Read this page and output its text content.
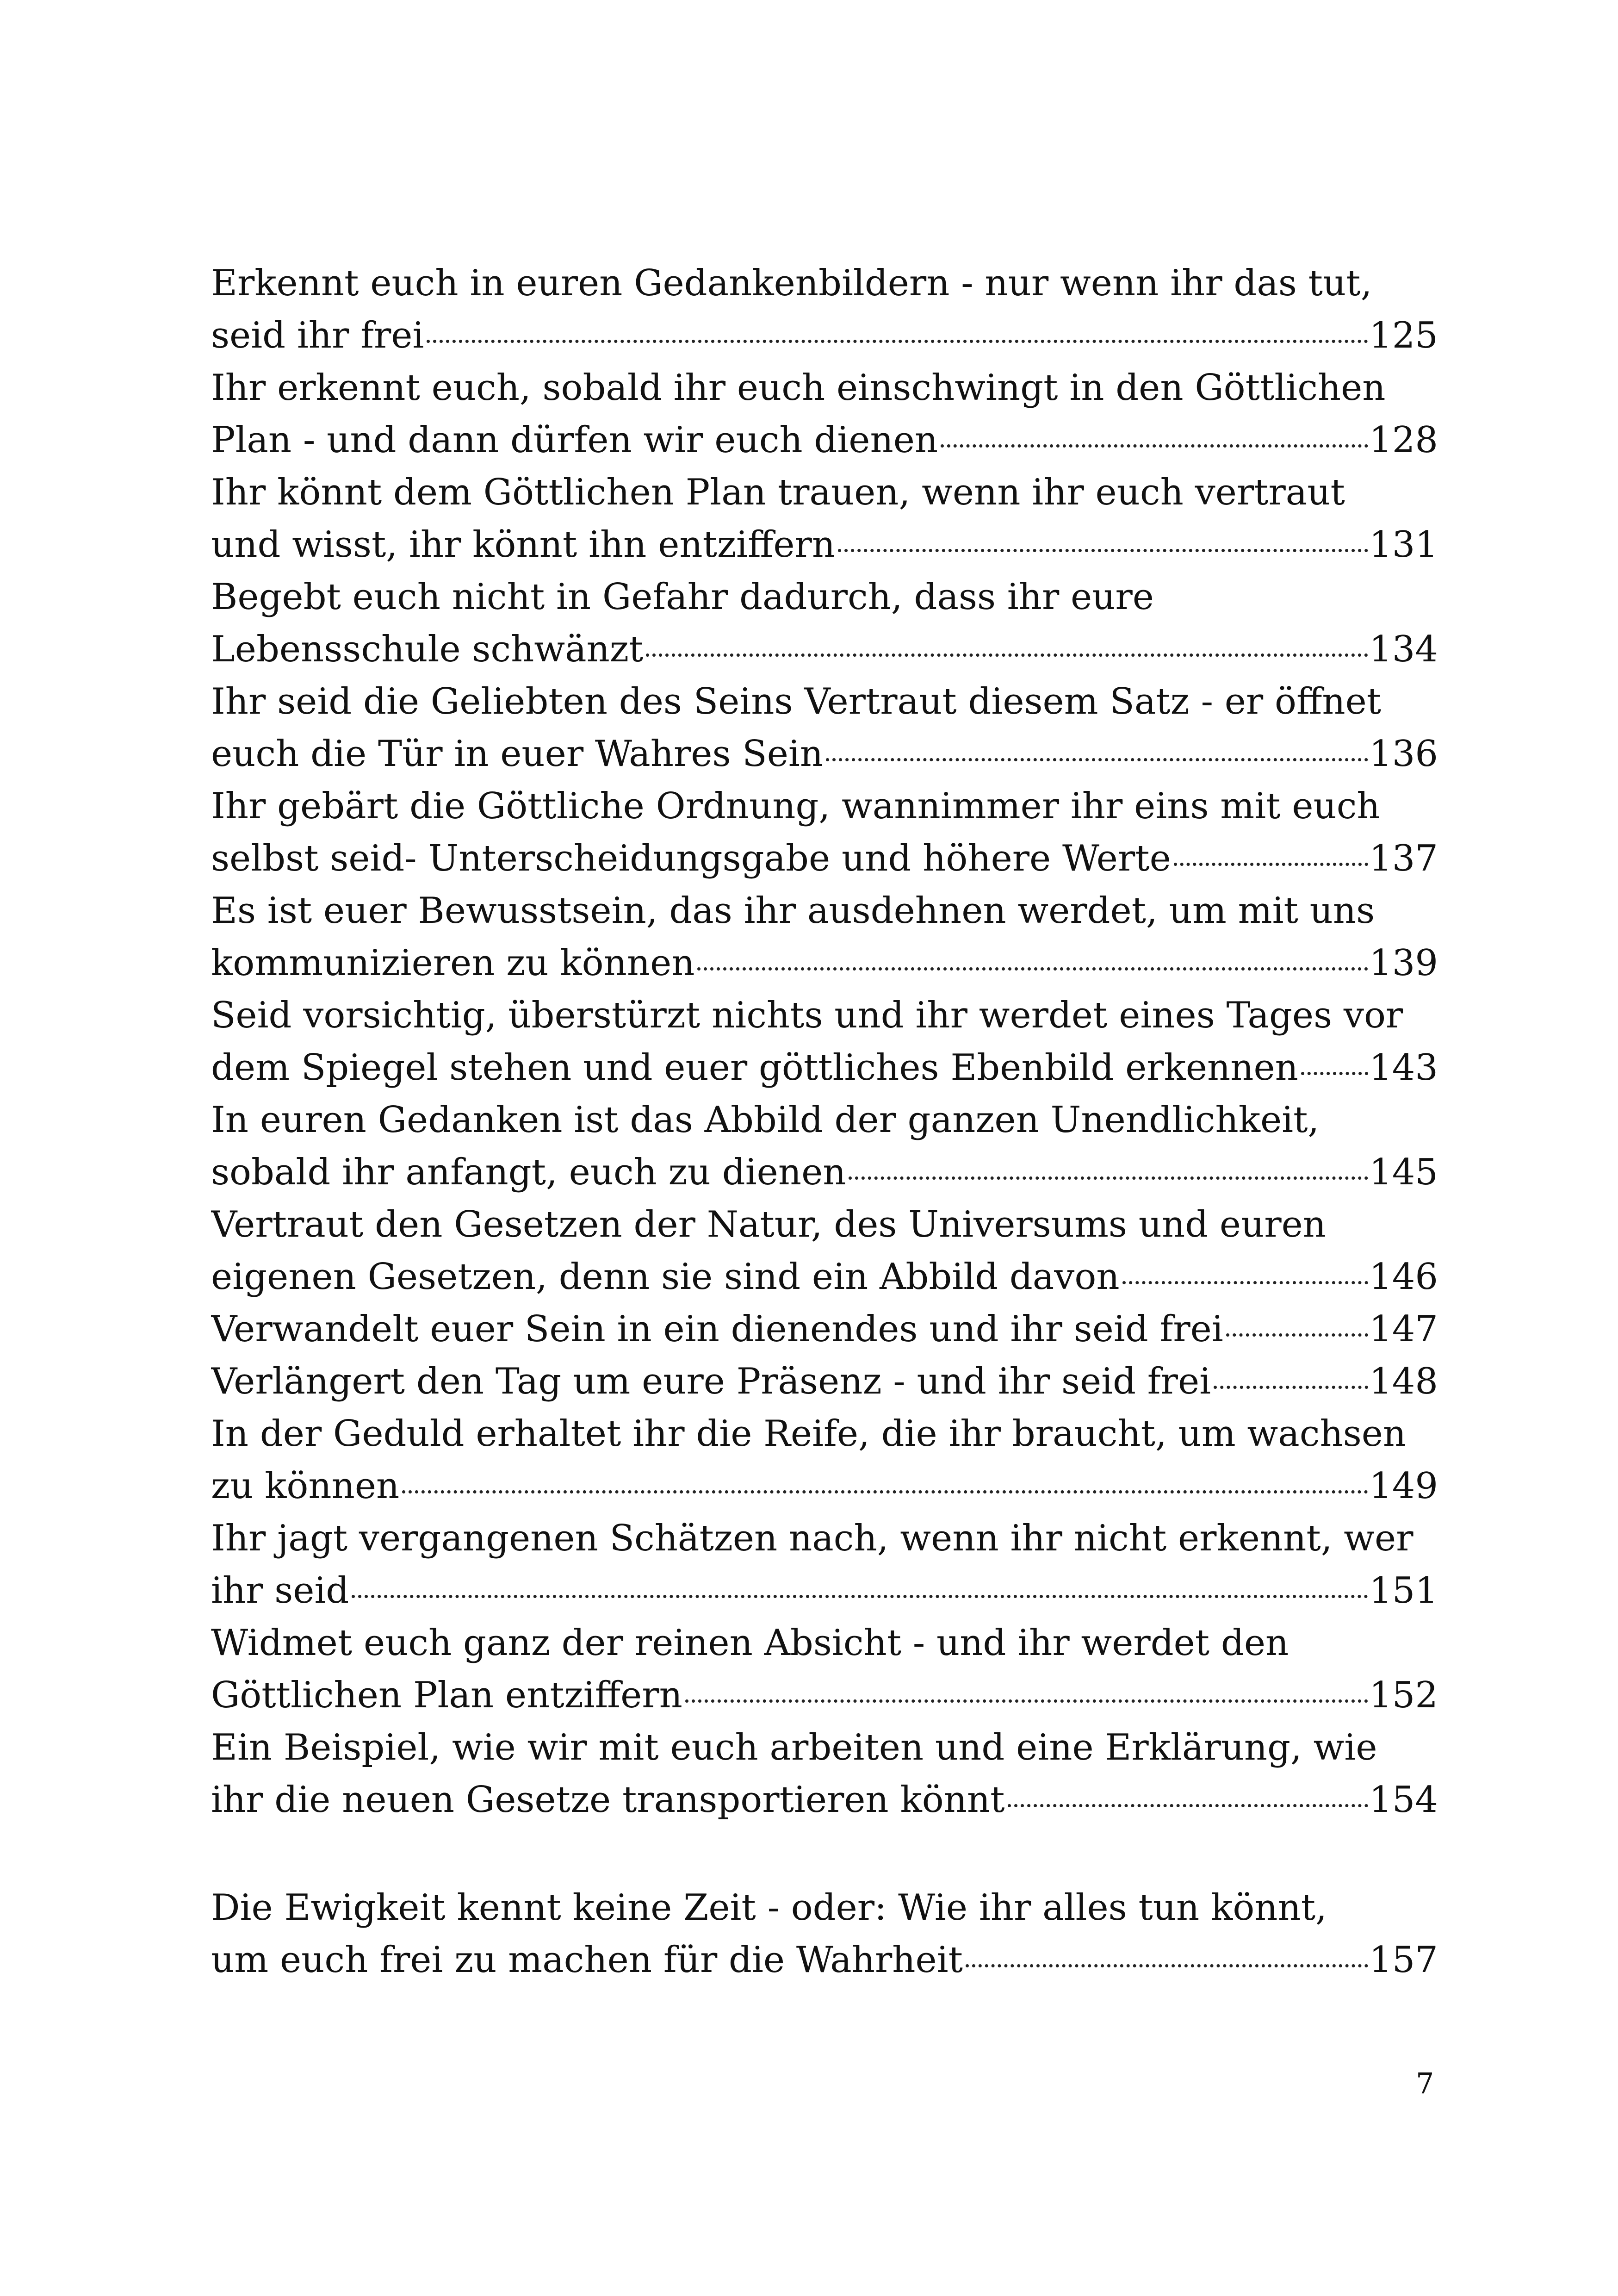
Erkennt euch in euren Gedankenbildern - nur wenn ihr das tut,
seid ihr frei	125
Ihr erkennt euch, sobald ihr euch einschwingt in den Göttlichen
Plan - und dann dürfen wir euch dienen	128
Ihr könnt dem Göttlichen Plan trauen, wenn ihr euch vertraut
und wisst, ihr könnt ihn entziffern	131
Begebt euch nicht in Gefahr dadurch, dass ihr eure
Lebensschule schwänzt	134
Ihr seid die Geliebten des Seins Vertraut diesem Satz - er öffnet
euch die Tür in euer Wahres Sein	136
Ihr gebärt die Göttliche Ordnung, wannimmer ihr eins mit euch
selbst seid- Unterscheidungsgabe und höhere Werte	137
Es ist euer Bewusstsein, das ihr ausdehnen werdet, um mit uns
kommunizieren zu können	139
Seid vorsichtig, überstürzt nichts und ihr werdet eines Tages vor
dem Spiegel stehen und euer göttliches Ebenbild erkennen 143
In euren Gedanken ist das Abbild der ganzen Unendlichkeit,
sobald ihr anfangt, euch zu dienen	145
Vertraut den Gesetzen der Natur, des Universums und euren
eigenen Gesetzen, denn sie sind ein Abbild davon	146
Verwandelt euer Sein in ein dienendes und ihr seid frei	147
Verlängert den Tag um eure Präsenz - und ihr seid frei	148
In der Geduld erhaltet ihr die Reife, die ihr braucht, um wachsen
zu können	149
Ihr jagt vergangenen Schätzen nach, wenn ihr nicht erkennt, wer
ihr seid	151
Widmet euch ganz der reinen Absicht - und ihr werdet den
Göttlichen Plan entziffern	152
Ein Beispiel, wie wir mit euch arbeiten und eine Erklärung, wie
ihr die neuen Gesetze transportieren könnt	154
Die Ewigkeit kennt keine Zeit - oder: Wie ihr alles tun könnt,
um euch frei zu machen für die Wahrheit	157
7
